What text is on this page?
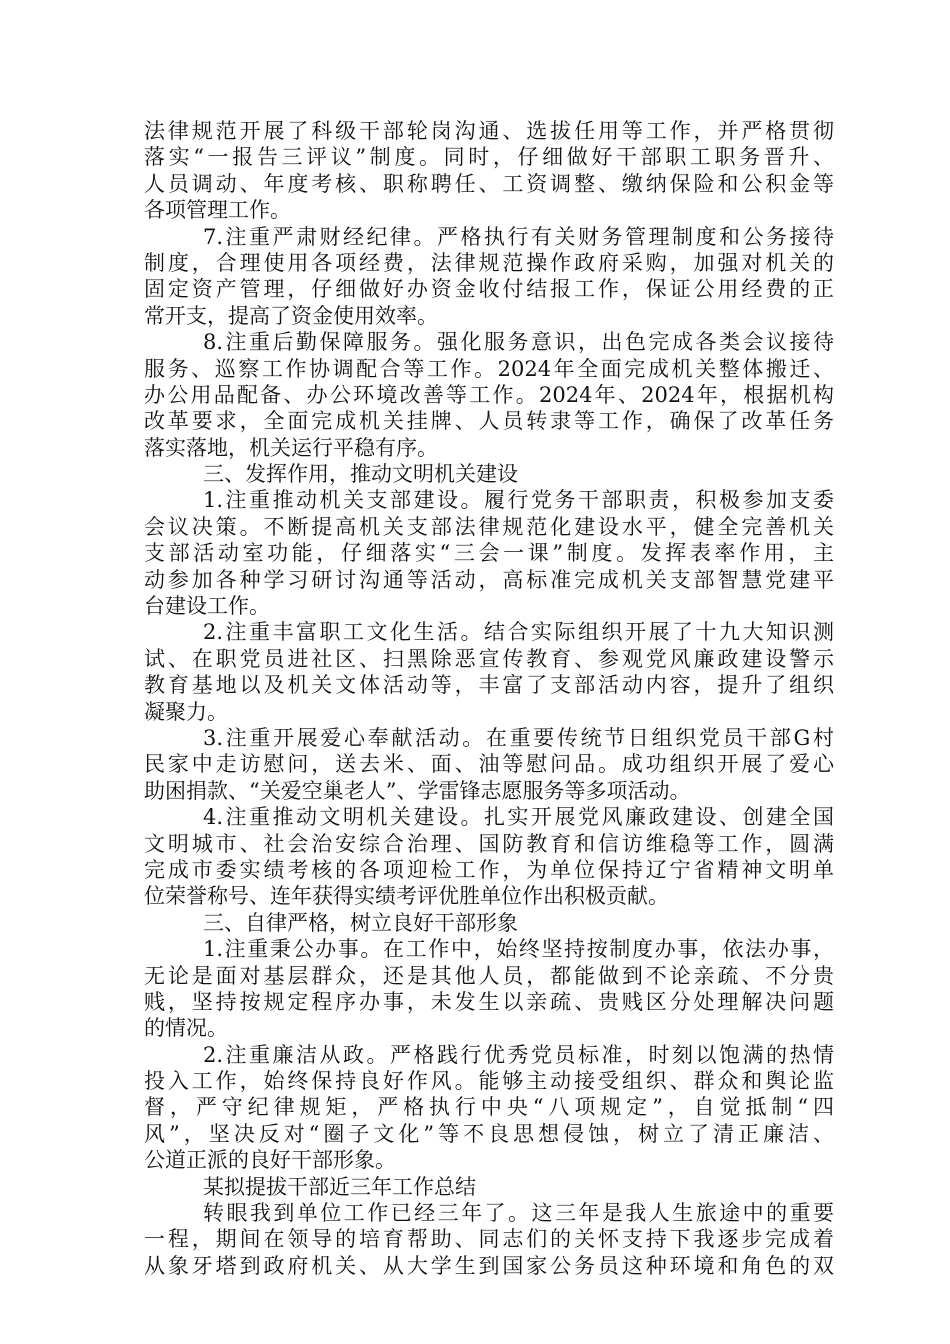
法律规范开展了科级干部轮岗沟通、选拔任用等工作，并严格贯彻
落实“一报告三评议”制度。同时，仔细做好干部职工职务晋升、
人员调动、年度考核、职称聘任、工资调整、缴纳保险和公积金等
各项管理工作。
7.注重严肃财经纪律。严格执行有关财务管理制度和公务接待
制度，合理使用各项经费，法律规范操作政府采购，加强对机关的
固定资产管理，仔细做好办资金收付结报工作，保证公用经费的正
常开支，提高了资金使用效率。
8.注重后勤保障服务。强化服务意识，出色完成各类会议接待
服务、巡察工作协调配合等工作。2024年全面完成机关整体搬迁、
办公用品配备、办公环境改善等工作。2024年、2024年，根据机构
改革要求，全面完成机关挂牌、人员转隶等工作，确保了改革任务
落实落地，机关运行平稳有序。
三、发挥作用，推动文明机关建设
1.注重推动机关支部建设。履行党务干部职责，积极参加支委
会议决策。不断提高机关支部法律规范化建设水平，健全完善机关
支部活动室功能，仔细落实“三会一课”制度。发挥表率作用，主
动参加各种学习研讨沟通等活动，高标准完成机关支部智慧党建平
台建设工作。
2.注重丰富职工文化生活。结合实际组织开展了十九大知识测
试、在职党员进社区、扫黑除恶宣传教育、参观党风廉政建设警示
教育基地以及机关文体活动等，丰富了支部活动内容，提升了组织
凝聚力。
3.注重开展爱心奉献活动。在重要传统节日组织党员干部G村
民家中走访慰问，送去米、面、油等慰问品。成功组织开展了爱心
助困捐款、“关爱空巢老人”、学雷锋志愿服务等多项活动。
4.注重推动文明机关建设。扎实开展党风廉政建设、创建全国
文明城市、社会治安综合治理、国防教育和信访维稳等工作，圆满
完成市委实绩考核的各项迎检工作，为单位保持辽宁省精神文明单
位荣誉称号、连年获得实绩考评优胜单位作出积极贡献。
三、自律严格，树立良好干部形象
1.注重秉公办事。在工作中，始终坚持按制度办事，依法办事，
无论是面对基层群众，还是其他人员，都能做到不论亲疏、不分贵
贱，坚持按规定程序办事，未发生以亲疏、贵贱区分处理解决问题
的情况。
2.注重廉洁从政。严格践行优秀党员标准，时刻以饱满的热情
投入工作，始终保持良好作风。能够主动接受组织、群众和舆论监
督，严守纪律规矩，严格执行中央“八项规定”，自觉抵制“四
风”，坚决反对“圈子文化”等不良思想侵蚀，树立了清正廉洁、
公道正派的良好干部形象。
某拟提拔干部近三年工作总结
转眼我到单位工作已经三年了。这三年是我人生旅途中的重要
一程，期间在领导的培育帮助、同志们的关怀支持下我逐步完成着
从象牙塔到政府机关、从大学生到国家公务员这种环境和角色的双
